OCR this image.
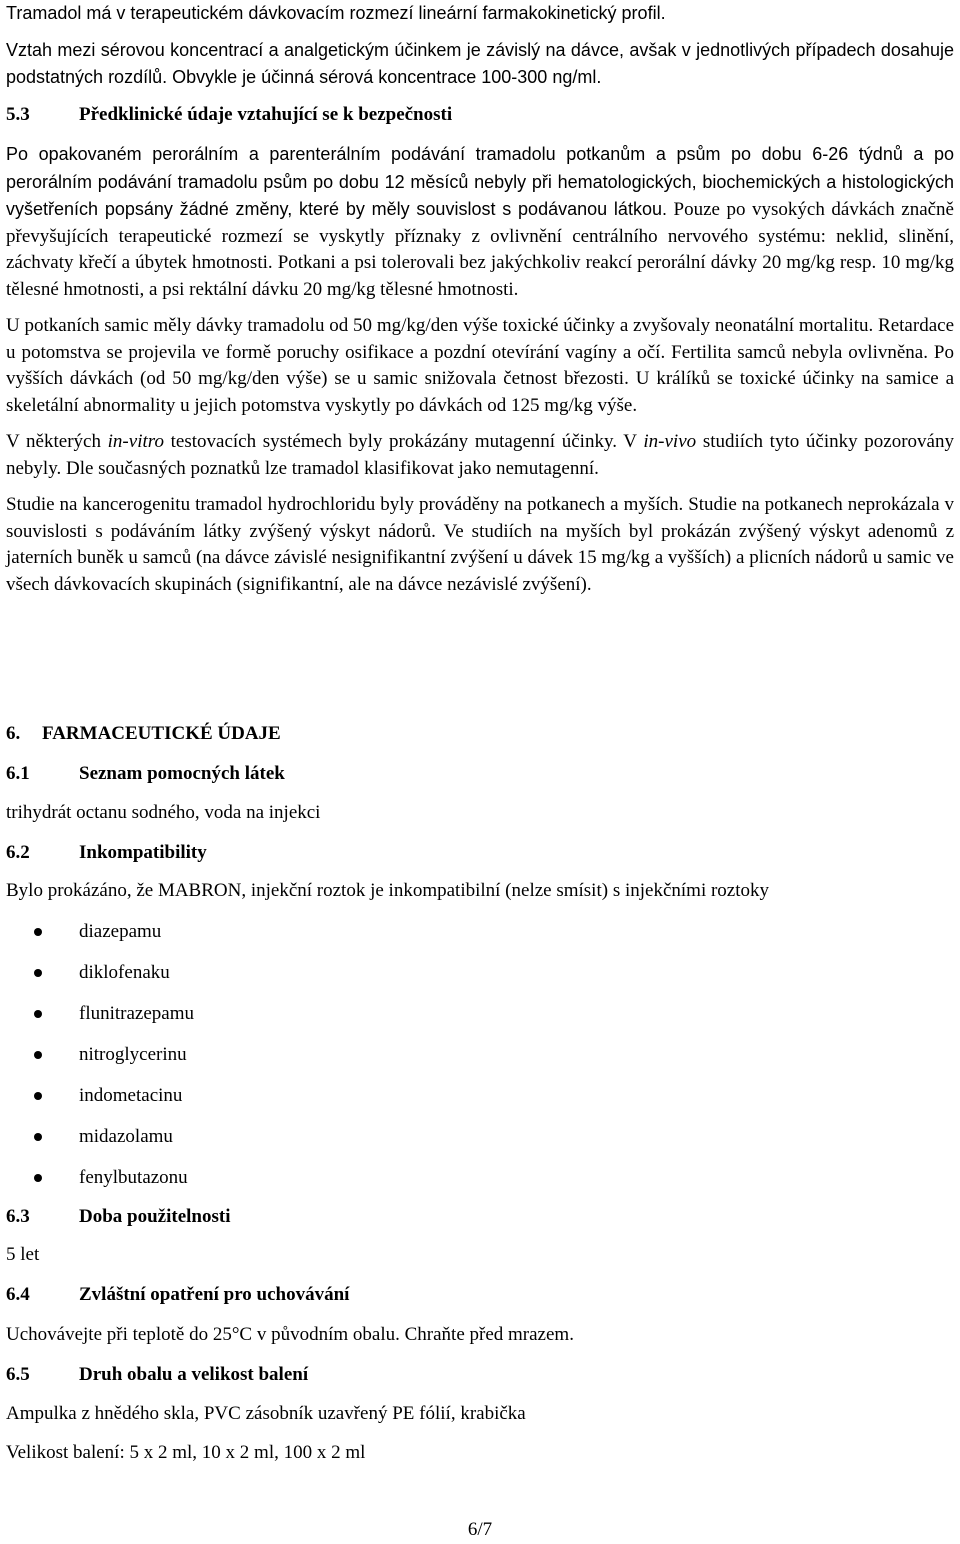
Tramadol má v terapeutickém dávkovacím rozmezí lineární farmakokinetický profil.

Vztah mezi sérovou koncentrací a analgetickým účinkem je závislý na dávce, avšak v jednotlivých případech dosahuje podstatných rozdílů. Obvykle je účinná sérová koncentrace 100-300 ng/ml.

5.3	Předklinické údaje vztahující se k bezpečnosti

Po opakovaném perorálním a parenterálním podávání tramadolu potkanům a psům po dobu 6-26 týdnů a po perorálním podávání tramadolu psům po dobu 12 měsíců nebyly při hematologických, biochemických a histologických vyšetřeních popsány žádné změny, které by měly souvislost s podávanou látkou. Pouze po vysokých dávkách značně převyšujících terapeutické rozmezí se vyskytly příznaky z ovlivnění centrálního nervového systému: neklid, slinění, záchvaty křečí a úbytek hmotnosti. Potkani a psi tolerovali bez jakýchkoliv reakcí perorální dávky 20 mg/kg resp. 10 mg/kg tělesné hmotnosti, a psi rektální dávku 20 mg/kg tělesné hmotnosti.

U potkaních samic měly dávky tramadolu od 50 mg/kg/den výše toxické účinky a zvyšovaly neonatální mortalitu. Retardace u potomstva se projevila ve formě poruchy osifikace a pozdní otevírání vagíny a očí. Fertilita samců nebyla ovlivněna. Po vyšších dávkách (od 50 mg/kg/den výše) se u samic snižovala četnost březosti. U králíků se toxické účinky na samice a skeletální abnormality u jejich potomstva vyskytly po dávkách od 125 mg/kg výše.

V některých in-vitro testovacích systémech byly prokázány mutagenní účinky. V in-vivo studiích tyto účinky pozorovány nebyly. Dle současných poznatků lze tramadol klasifikovat jako nemutagenní.

Studie na kancerogenitu tramadol hydrochloridu byly prováděny na potkanech a myších. Studie na potkanech neprokázala v souvislosti s podáváním látky zvýšený výskyt nádorů. Ve studiích na myších byl prokázán zvýšený výskyt adenomů z jaterních buněk u samců (na dávce závislé nesignifikantní zvýšení u dávek 15 mg/kg a vyšších) a plicních nádorů u samic ve všech dávkovacích skupinách (signifikantní, ale na dávce nezávislé zvýšení).

6.	FARMACEUTICKÉ ÚDAJE
6.1	Seznam pomocných látek

trihydrát octanu sodného, voda na injekci

6.2	Inkompatibility

Bylo prokázáno, že MABRON, injekční roztok je inkompatibilní (nelze smísit) s injekčními roztoky

diazepamu
diklofenaku
flunitrazepamu
nitroglycerinu
indometacinu
midazolamu
fenylbutazonu
6.3	Doba použitelnosti

5 let

6.4	Zvláštní opatření pro uchovávání

Uchovávejte při teplotě do 25°C v původním obalu. Chraňte před mrazem.

6.5	Druh obalu a velikost balení

Ampulka z hnědého skla, PVC zásobník uzavřený PE fólií, krabička

Velikost balení: 5 x 2 ml, 10 x 2 ml, 100 x 2 ml

6/7
